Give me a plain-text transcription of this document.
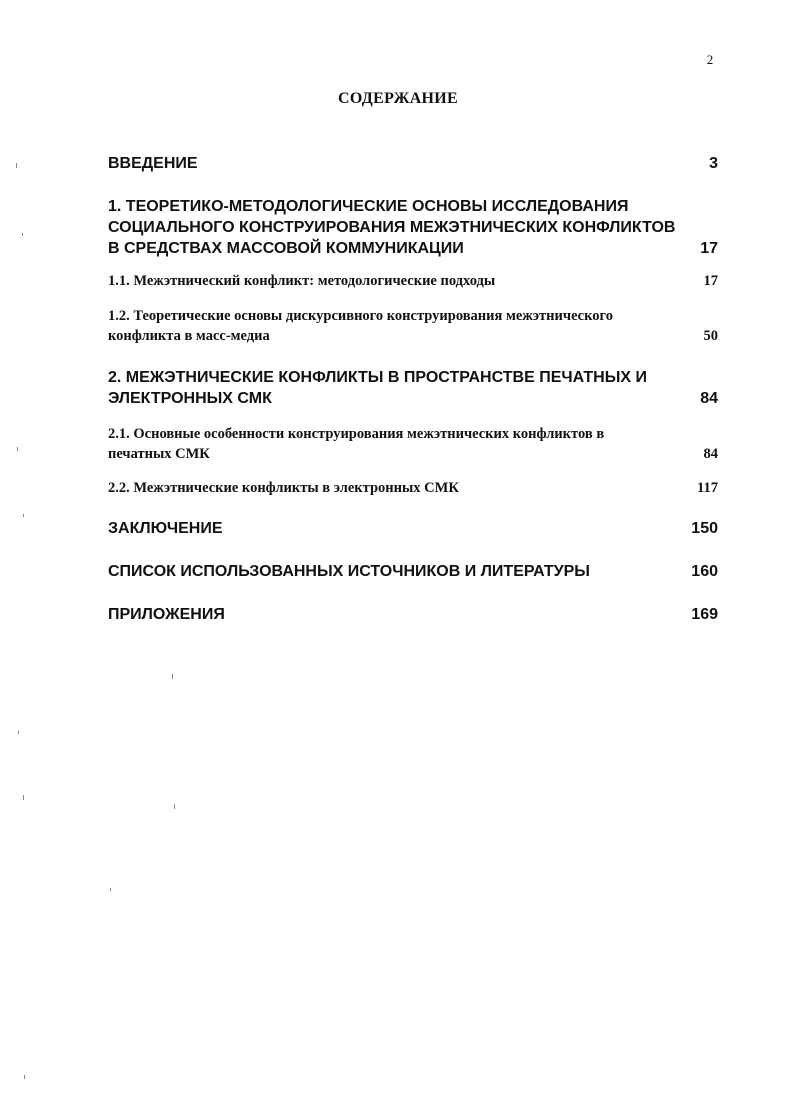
2
СОДЕРЖАНИЕ
ВВЕДЕНИЕ	3
1. ТЕОРЕТИКО-МЕТОДОЛОГИЧЕСКИЕ ОСНОВЫ ИССЛЕДОВАНИЯ
СОЦИАЛЬНОГО КОНСТРУИРОВАНИЯ МЕЖЭТНИЧЕСКИХ КОНФЛИКТОВ
В СРЕДСТВАХ МАССОВОЙ КОММУНИКАЦИИ	17
1.1. Межэтнический конфликт: методологические подходы	17
1.2. Теоретические основы дискурсивного конструирования межэтнического
конфликта в масс-медиа	50
2. МЕЖЭТНИЧЕСКИЕ КОНФЛИКТЫ В ПРОСТРАНСТВЕ ПЕЧАТНЫХ И
ЭЛЕКТРОННЫХ СМК	84
2.1. Основные особенности конструирования межэтнических конфликтов в
печатных СМК	84
2.2. Межэтнические конфликты в электронных СМК	117
ЗАКЛЮЧЕНИЕ	150
СПИСОК ИСПОЛЬЗОВАННЫХ ИСТОЧНИКОВ И ЛИТЕРАТУРЫ	160
ПРИЛОЖЕНИЯ	169
